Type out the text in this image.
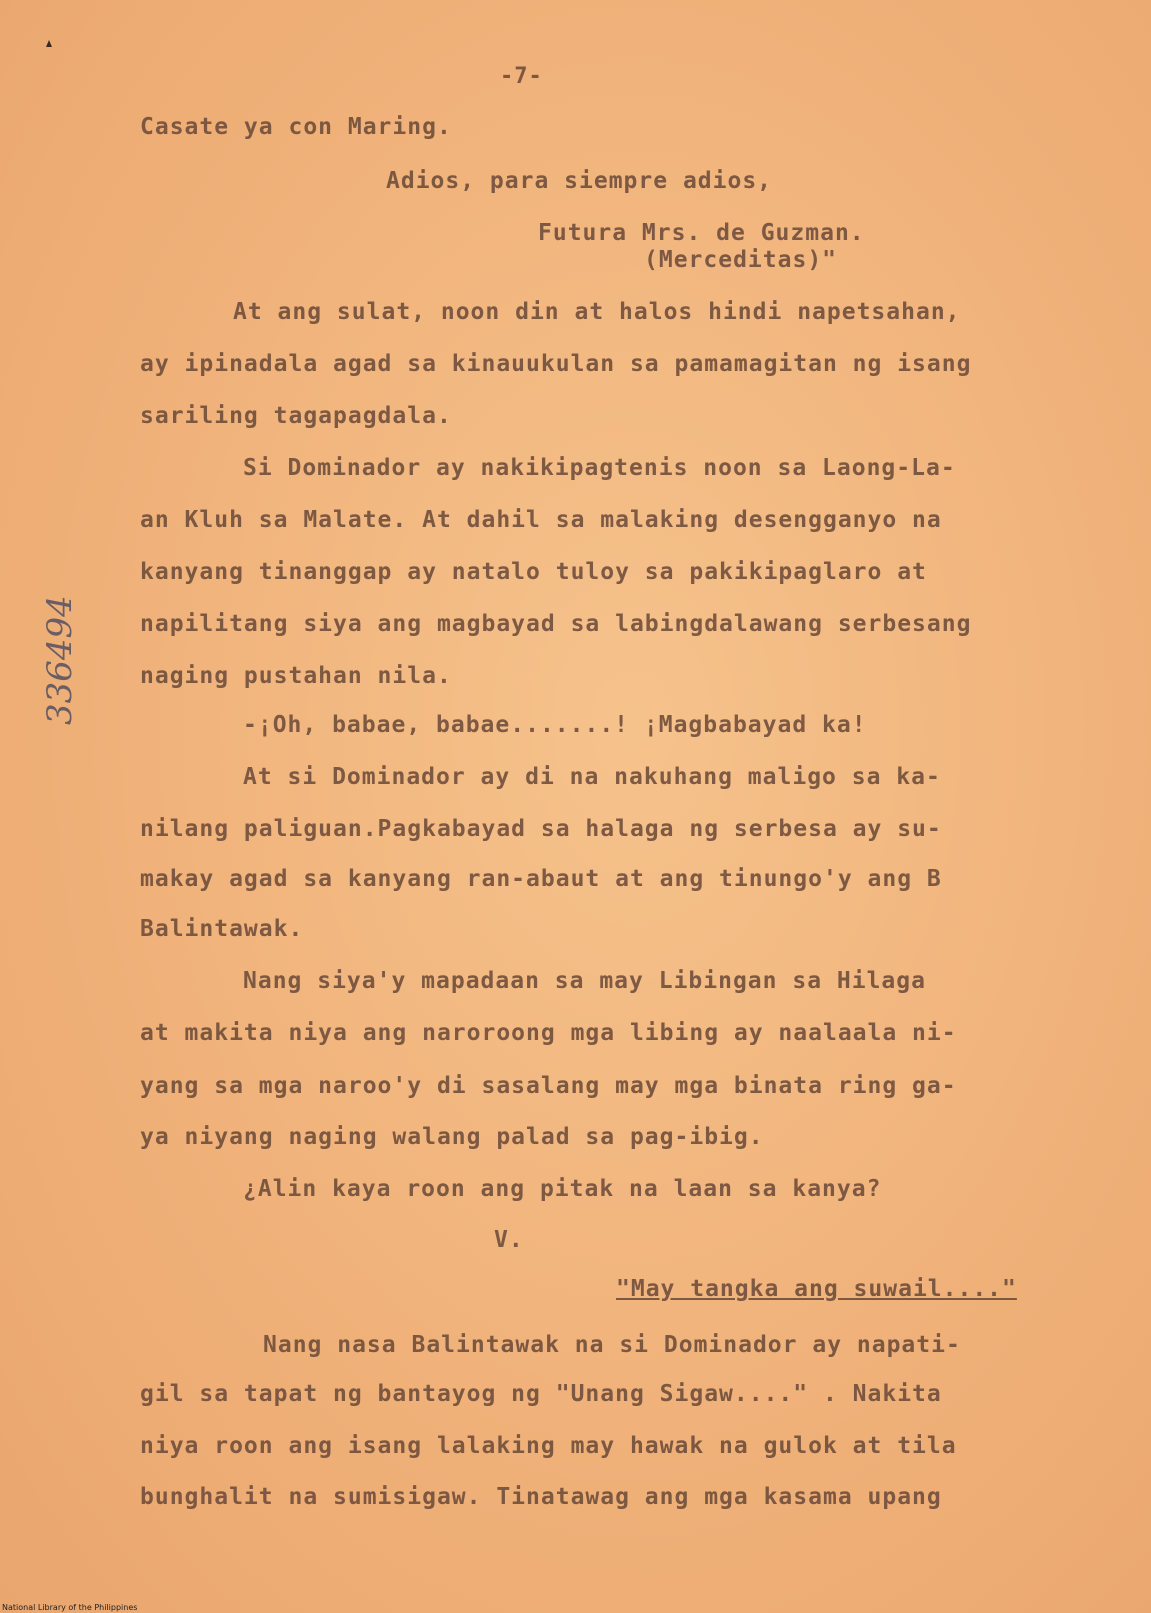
-7-
Casate ya con Maring.
Adios, para siempre adios,
Futura Mrs. de Guzman.
(Merceditas)"
At ang sulat, noon din at halos hindi napetsahan,
ay ipinadala agad sa kinauukulan sa pamamagitan ng isang
sariling tagapagdala.
Si Dominador ay nakikipagtenis noon sa Laong-La-
an Kluh sa Malate. At dahil sa malaking desengganyo na
kanyang tinanggap ay natalo tuloy sa pakikipaglaro at
napilitang siya ang magbayad sa labingdalawang serbesang
naging pustahan nila.
-¡Oh, babae, babae.......! ¡Magbabayad ka!
At si Dominador ay di na nakuhang maligo sa ka-
nilang paliguan.Pagkabayad sa halaga ng serbesa ay su-
makay agad sa kanyang ran-abaut at ang tinungo'y ang B
Balintawak.
Nang siya'y mapadaan sa may Libingan sa Hilaga
at makita niya ang naroroong mga libing ay naalaala ni-
yang sa mga naroo'y di sasalang may mga binata ring ga-
ya niyang naging walang palad sa pag-ibig.
¿Alin kaya roon ang pitak na laan sa kanya?
V.
"May tangka ang suwail...."
Nang nasa Balintawak na si Dominador ay napati-
gil sa tapat ng bantayog ng "Unang Sigaw...." . Nakita
niya roon ang isang lalaking may hawak na gulok at tila
bunghalit na sumisigaw. Tinatawag ang mga kasama upang
336494
National Library of the Philippines
